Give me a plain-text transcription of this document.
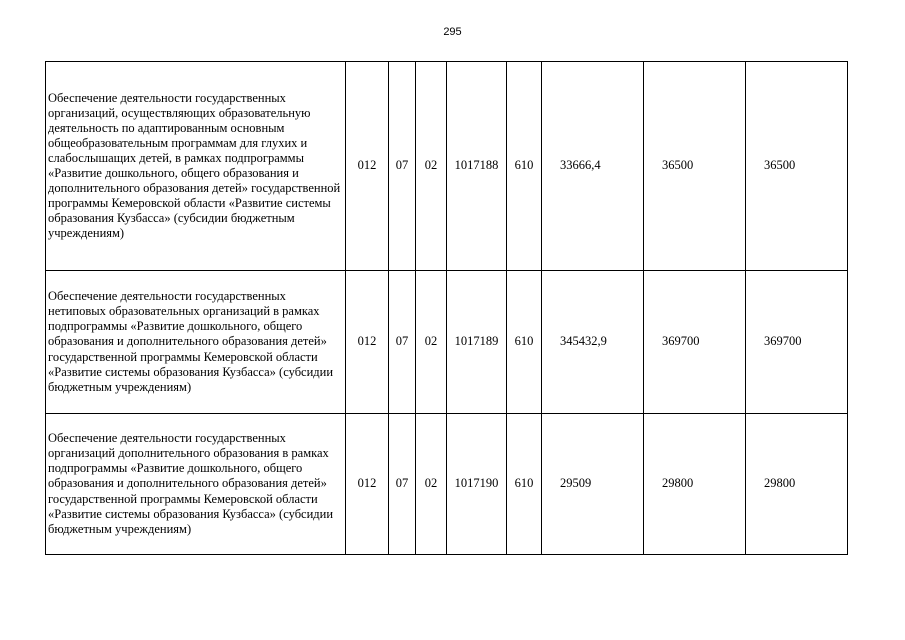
295
Обеспечение деятельности государственных организаций, осуществляющих образовательную деятельность по адаптированным основным общеобразовательным программам для глухих и слабослышащих детей, в рамках подпрограммы «Развитие дошкольного, общего образования и дополнительного образования детей» государственной программы Кемеровской области «Развитие системы образования Кузбасса» (субсидии бюджетным учреждениям)	012	07	02	1017188	610	33666,4	36500	36500
Обеспечение деятельности государственных нетиповых образовательных организаций в рамках подпрограммы «Развитие дошкольного, общего образования и дополнительного образования детей» государственной программы Кемеровской области «Развитие системы образования Кузбасса» (субсидии бюджетным учреждениям)	012	07	02	1017189	610	345432,9	369700	369700
Обеспечение деятельности государственных организаций дополнительного образования в рамках подпрограммы «Развитие дошкольного, общего образования и дополнительного образования детей» государственной программы Кемеровской области «Развитие системы образования Кузбасса» (субсидии бюджетным учреждениям)	012	07	02	1017190	610	29509	29800	29800
